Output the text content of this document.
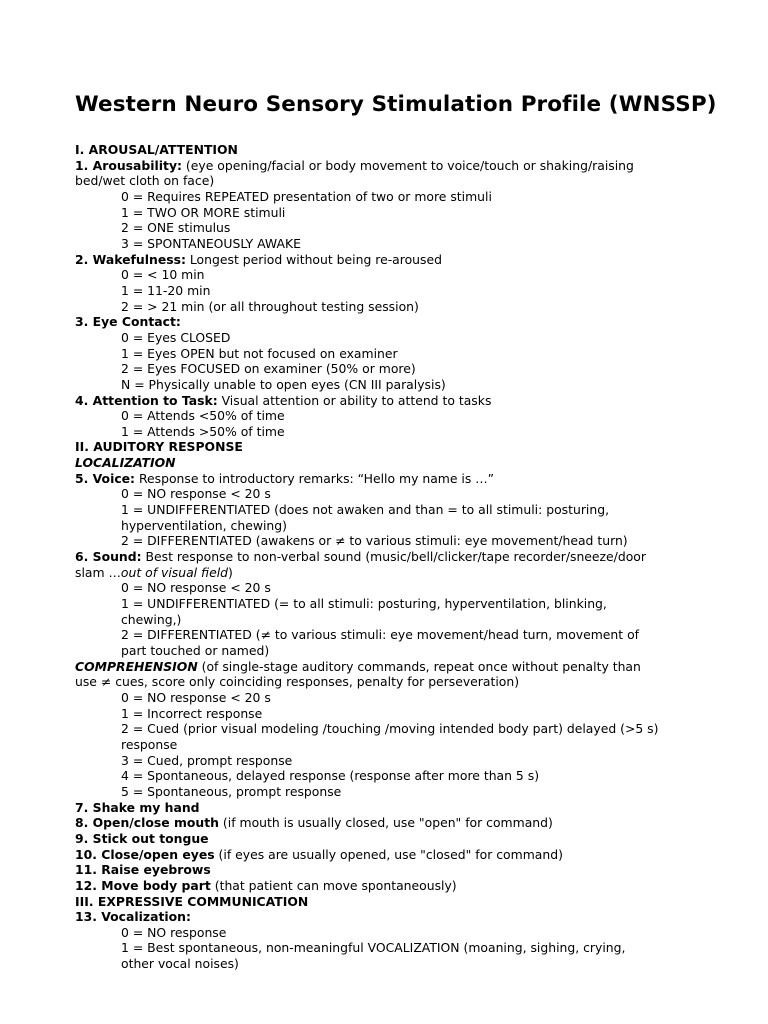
Western Neuro Sensory Stimulation Profile (WNSSP)
I. AROUSAL/ATTENTION
1. Arousability: (eye opening/facial or body movement to voice/touch or shaking/raising
bed/wet cloth on face)
0 = Requires REPEATED presentation of two or more stimuli
1 = TWO OR MORE stimuli
2 = ONE stimulus
3 = SPONTANEOUSLY AWAKE
2. Wakefulness: Longest period without being re-aroused
0 = < 10 min
1 = 11-20 min
2 = > 21 min (or all throughout testing session)
3. Eye Contact:
0 = Eyes CLOSED
1 = Eyes OPEN but not focused on examiner
2 = Eyes FOCUSED on examiner (50% or more)
N = Physically unable to open eyes (CN III paralysis)
4. Attention to Task: Visual attention or ability to attend to tasks
0 = Attends <50% of time
1 = Attends >50% of time
II. AUDITORY RESPONSE
LOCALIZATION
5. Voice: Response to introductory remarks: “Hello my name is …”
0 = NO response < 20 s
1 = UNDIFFERENTIATED (does not awaken and than = to all stimuli: posturing,
hyperventilation, chewing)
2 = DIFFERENTIATED (awakens or ≠ to various stimuli: eye movement/head turn)
6. Sound: Best response to non-verbal sound (music/bell/clicker/tape recorder/sneeze/door
slam …out of visual field)
0 = NO response < 20 s
1 = UNDIFFERENTIATED (= to all stimuli: posturing, hyperventilation, blinking,
chewing,)
2 = DIFFERENTIATED (≠ to various stimuli: eye movement/head turn, movement of
part touched or named)
COMPREHENSION (of single-stage auditory commands, repeat once without penalty than
use ≠ cues, score only coinciding responses, penalty for perseveration)
0 = NO response < 20 s
1 = Incorrect response
2 = Cued (prior visual modeling /touching /moving intended body part) delayed (>5 s)
response
3 = Cued, prompt response
4 = Spontaneous, delayed response (response after more than 5 s)
5 = Spontaneous, prompt response
7. Shake my hand
8. Open/close mouth (if mouth is usually closed, use "open" for command)
9. Stick out tongue
10. Close/open eyes (if eyes are usually opened, use "closed" for command)
11. Raise eyebrows
12. Move body part (that patient can move spontaneously)
III. EXPRESSIVE COMMUNICATION
13. Vocalization:
0 = NO response
1 = Best spontaneous, non-meaningful VOCALIZATION (moaning, sighing, crying,
other vocal noises)
